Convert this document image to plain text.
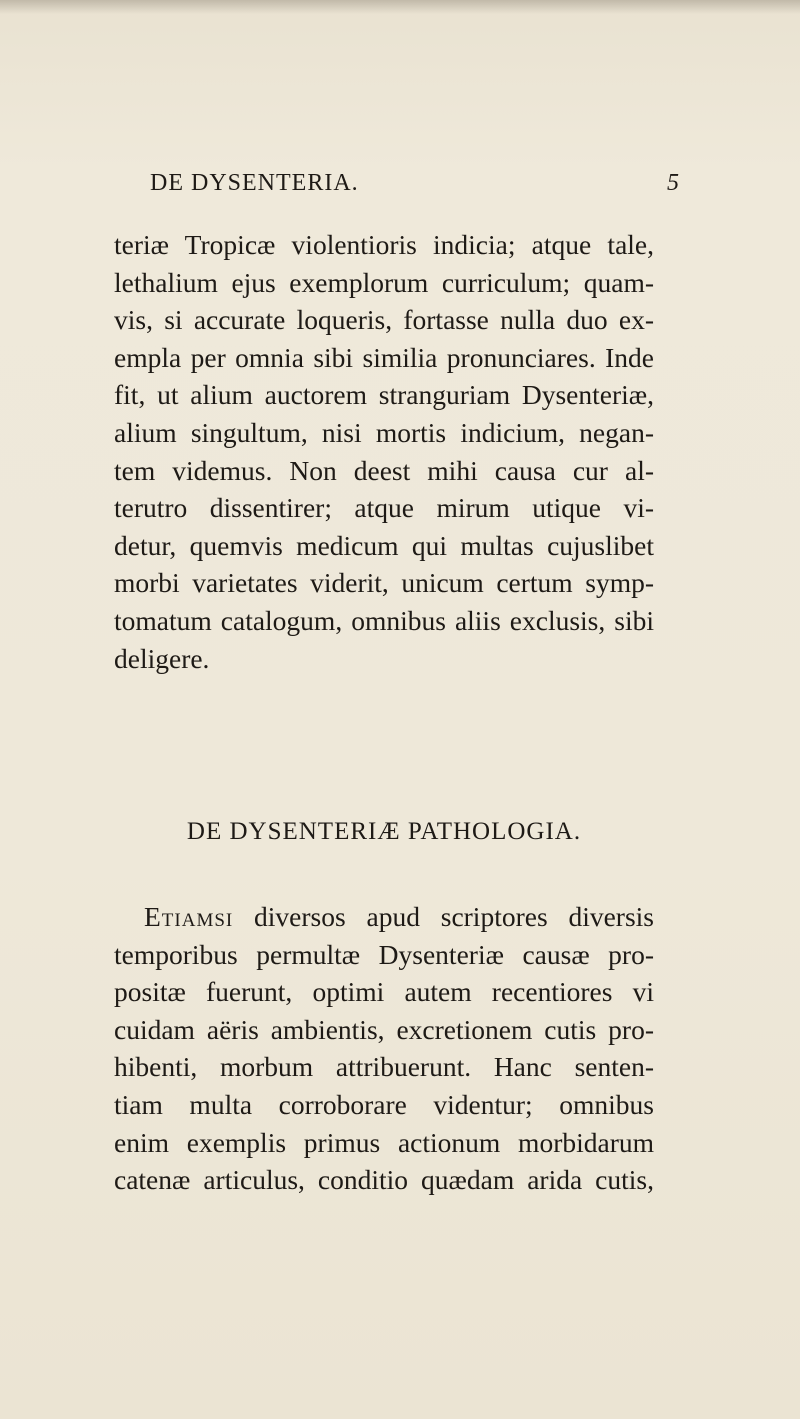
DE DYSENTERIA.	5

teriæ Tropicæ violentioris indicia; atque tale,
lethalium ejus exemplorum curriculum; quam-
vis, si accurate loqueris, fortasse nulla duo ex-
empla per omnia sibi similia pronunciares. Inde
fit, ut alium auctorem stranguriam Dysenteriæ,
alium singultum, nisi mortis indicium, negan-
tem videmus. Non deest mihi causa cur al-
terutro dissentirer; atque mirum utique vi-
detur, quemvis medicum qui multas cujuslibet
morbi varietates viderit, unicum certum symp-
tomatum catalogum, omnibus aliis exclusis, sibi
deligere.

DE DYSENTERIÆ PATHOLOGIA.

Etiamsi diversos apud scriptores diversis
temporibus permultæ Dysenteriæ causæ pro-
positæ fuerunt, optimi autem recentiores vi
cuidam aëris ambientis, excretionem cutis pro-
hibenti, morbum attribuerunt. Hanc senten-
tiam multa corroborare videntur; omnibus
enim exemplis primus actionum morbidarum
catenæ articulus, conditio quædam arida cutis,
